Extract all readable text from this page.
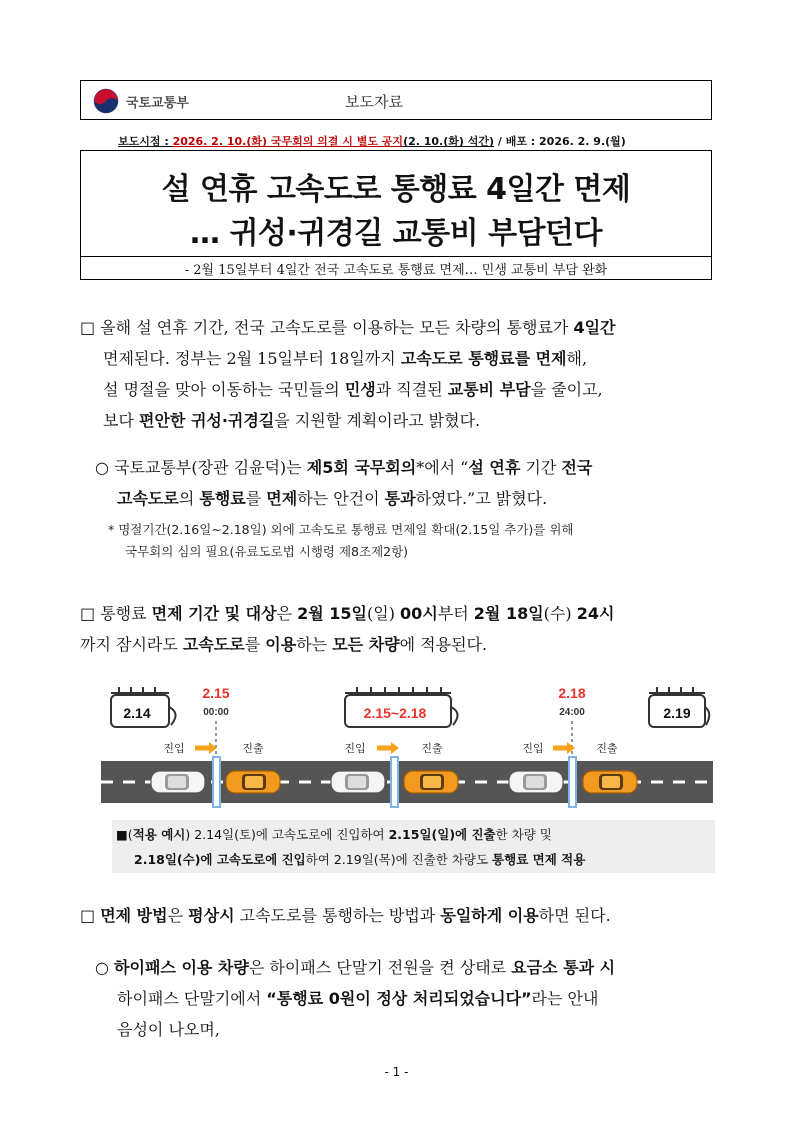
국토교통부	보도자료
보도시점 : 2026. 2. 10.(화) 국무회의 의결 시 별도 공지(2. 10.(화) 석간) / 배포 : 2026. 2. 9.(월)
설 연휴 고속도로 통행료 4일간 면제
… 귀성·귀경길 교통비 부담던다
- 2월 15일부터 4일간 전국 고속도로 통행료 면제… 민생 교통비 부담 완화
□ 올해 설 연휴 기간, 전국 고속도로를 이용하는 모든 차량의 통행료가 4일간
면제된다. 정부는 2월 15일부터 18일까지 고속도로 통행료를 면제해,
설 명절을 맞아 이동하는 국민들의 민생과 직결된 교통비 부담을 줄이고,
보다 편안한 귀성·귀경길을 지원할 계획이라고 밝혔다.
○ 국토교통부(장관 김윤덕)는 제5회 국무회의*에서 “설 연휴 기간 전국
고속도로의 통행료를 면제하는 안건이 통과하였다.”고 밝혔다.
* 명절기간(2.16일~2.18일) 외에 고속도로 통행료 면제일 확대(2.15일 추가)를 위해
국무회의 심의 필요(유료도로법 시행령 제8조제2항)
□ 통행료 면제 기간 및 대상은 2월 15일(일) 00시부터 2월 18일(수) 24시
까지 잠시라도 고속도로를 이용하는 모든 차량에 적용된다.
2.14	2.15~2.18	2.19
2.15
00:00
2.18
24:00
진입	진출	진입	진출	진입	진출
■(적용 예시) 2.14일(토)에 고속도로에 진입하여 2.15일(일)에 진출한 차량 및
2.18일(수)에 고속도로에 진입하여 2.19일(목)에 진출한 차량도 통행료 면제 적용
□ 면제 방법은 평상시 고속도로를 통행하는 방법과 동일하게 이용하면 된다.
○ 하이패스 이용 차량은 하이패스 단말기 전원을 켠 상태로 요금소 통과 시
하이패스 단말기에서 “통행료 0원이 정상 처리되었습니다”라는 안내
음성이 나오며,
- 1 -
